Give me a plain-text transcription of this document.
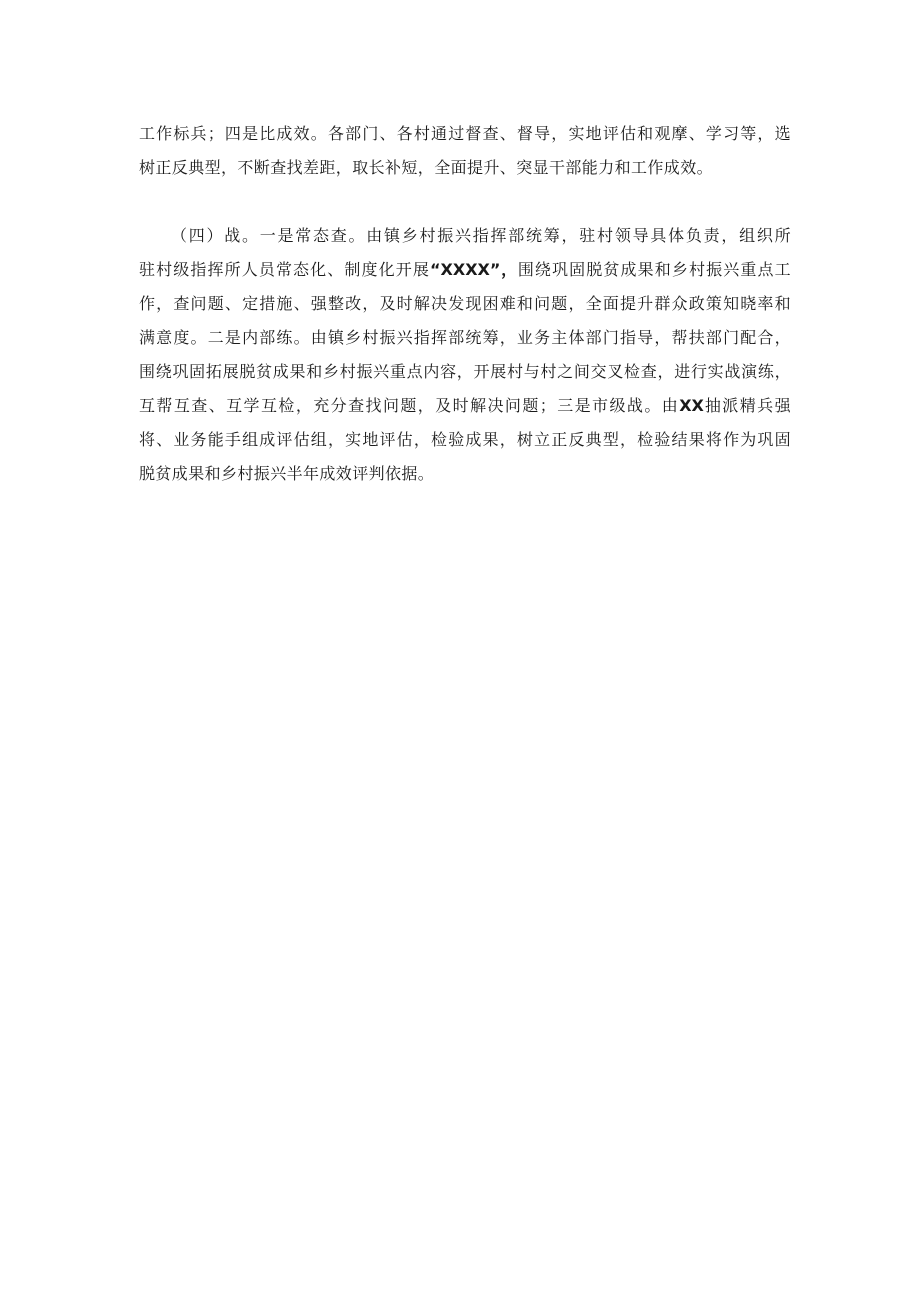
工作标兵；四是比成效。各部门、各村通过督查、督导，实地评估和观摩、学习等，选
树正反典型，不断查找差距，取长补短，全面提升、突显干部能力和工作成效。

（四）战。一是常态查。由镇乡村振兴指挥部统筹，驻村领导具体负责，组织所
驻村级指挥所人员常态化、制度化开展“XXXX”，围绕巩固脱贫成果和乡村振兴重点工
作，查问题、定措施、强整改，及时解决发现困难和问题，全面提升群众政策知晓率和
满意度。二是内部练。由镇乡村振兴指挥部统筹，业务主体部门指导，帮扶部门配合，
围绕巩固拓展脱贫成果和乡村振兴重点内容，开展村与村之间交叉检查，进行实战演练，
互帮互查、互学互检，充分查找问题，及时解决问题；三是市级战。由XX抽派精兵强
将、业务能手组成评估组，实地评估，检验成果，树立正反典型，检验结果将作为巩固
脱贫成果和乡村振兴半年成效评判依据。
